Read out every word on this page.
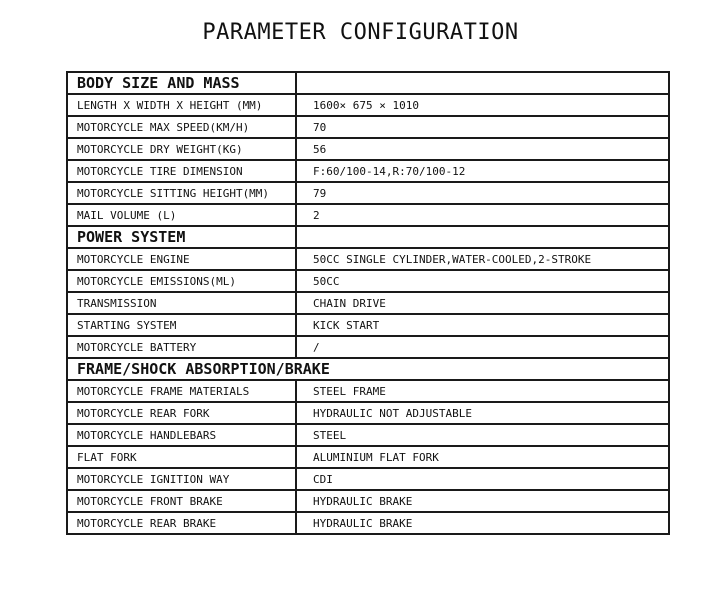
PARAMETER CONFIGURATION
BODY SIZE AND MASS	
LENGTH X WIDTH X HEIGHT (MM)	1600× 675 × 1010
MOTORCYCLE MAX SPEED(KM/H)	70
MOTORCYCLE DRY WEIGHT(KG)	56
MOTORCYCLE TIRE DIMENSION	F:60/100-14,R:70/100-12
MOTORCYCLE SITTING HEIGHT(MM)	79
MAIL VOLUME (L)	2
POWER SYSTEM	
MOTORCYCLE ENGINE	50CC SINGLE CYLINDER,WATER-COOLED,2-STROKE
MOTORCYCLE EMISSIONS(ML)	50CC
TRANSMISSION	CHAIN DRIVE
STARTING SYSTEM	KICK START
MOTORCYCLE BATTERY	/
FRAME/SHOCK ABSORPTION/BRAKE	
MOTORCYCLE FRAME MATERIALS	STEEL FRAME
MOTORCYCLE REAR FORK	HYDRAULIC NOT ADJUSTABLE
MOTORCYCLE HANDLEBARS	STEEL
FLAT FORK	ALUMINIUM FLAT FORK
MOTORCYCLE IGNITION WAY	CDI
MOTORCYCLE FRONT BRAKE	HYDRAULIC BRAKE
MOTORCYCLE REAR BRAKE	HYDRAULIC BRAKE
